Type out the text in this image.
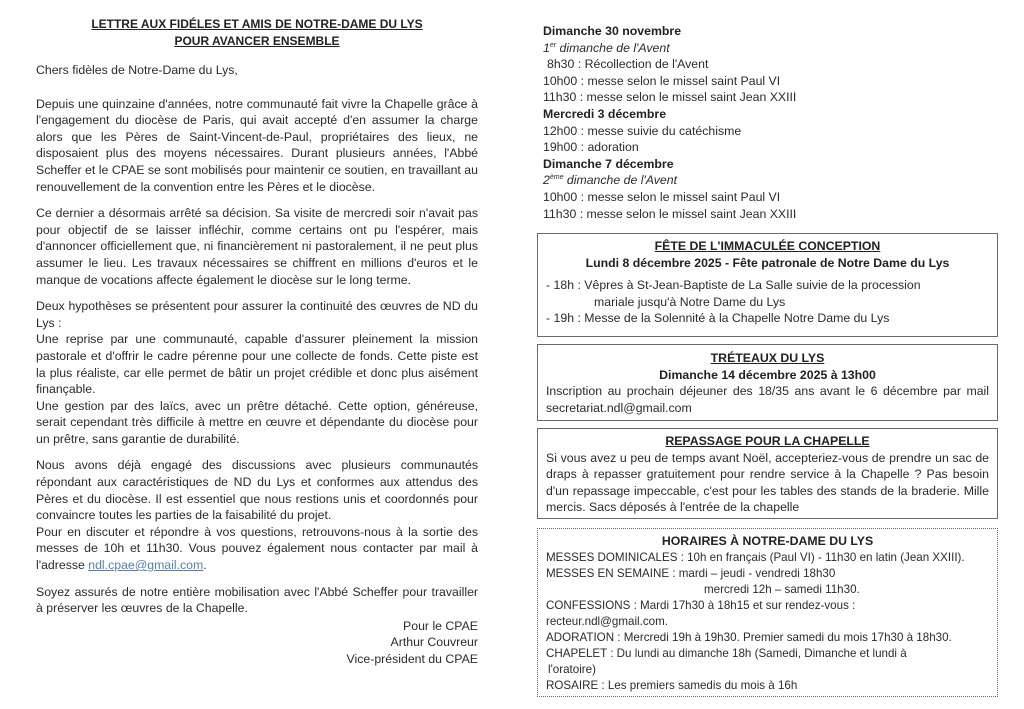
LETTRE AUX FIDÉLES ET AMIS DE NOTRE-DAME DU LYS
POUR AVANCER ENSEMBLE
Chers fidèles de Notre-Dame du Lys,
Depuis une quinzaine d'années, notre communauté fait vivre la Chapelle grâce à l'engagement du diocèse de Paris, qui avait accepté d'en assumer la charge alors que les Pères de Saint-Vincent-de-Paul, propriétaires des lieux, ne disposaient plus des moyens nécessaires. Durant plusieurs années, l'Abbé Scheffer et le CPAE se sont mobilisés pour maintenir ce soutien, en travaillant au renouvellement de la convention entre les Pères et le diocèse.
Ce dernier a désormais arrêté sa décision. Sa visite de mercredi soir n'avait pas pour objectif de se laisser infléchir, comme certains ont pu l'espérer, mais d'annoncer officiellement que, ni financièrement ni pastoralement, il ne peut plus assumer le lieu. Les travaux nécessaires se chiffrent en millions d'euros et le manque de vocations affecte également le diocèse sur le long terme.

Deux hypothèses se présentent pour assurer la continuité des œuvres de ND du Lys :

Une reprise par une communauté, capable d'assurer pleinement la mission pastorale et d'offrir le cadre pérenne pour une collecte de fonds. Cette piste est la plus réaliste, car elle permet de bâtir un projet crédible et donc plus aisément finançable.

Une gestion par des laïcs, avec un prêtre détaché. Cette option, généreuse, serait cependant très difficile à mettre en œuvre et dépendante du diocèse pour un prêtre, sans garantie de durabilité.

Nous avons déjà engagé des discussions avec plusieurs communautés répondant aux caractéristiques de ND du Lys et conformes aux attendus des Pères et du diocèse. Il est essentiel que nous restions unis et coordonnés pour convaincre toutes les parties de la faisabilité du projet.

Pour en discuter et répondre à vos questions, retrouvons-nous à la sortie des messes de 10h et 11h30. Vous pouvez également nous contacter par mail à l'adresse ndl.cpae@gmail.com.

Soyez assurés de notre entière mobilisation avec l'Abbé Scheffer pour travailler à préserver les œuvres de la Chapelle.
Pour le CPAE
Arthur Couvreur
Vice-président du CPAE
Dimanche 30 novembre
1er dimanche de l'Avent
8h30 : Récollection de l'Avent
10h00 : messe selon le missel saint Paul VI
11h30 : messe selon le missel saint Jean XXIII
Mercredi 3 décembre
12h00 : messe suivie du catéchisme
19h00 : adoration
Dimanche 7 décembre
2ème dimanche de l'Avent
10h00 : messe selon le missel saint Paul VI
11h30 : messe selon le missel saint Jean XXIII
FÊTE DE L'IMMACULÉE CONCEPTION
Lundi 8 décembre 2025 - Fête patronale de Notre Dame du Lys
- 18h : Vêpres à St-Jean-Baptiste de La Salle suivie de la procession
mariale jusqu'à Notre Dame du Lys
- 19h : Messe de la Solennité à la Chapelle Notre Dame du Lys
TRÉTEAUX DU LYS
Dimanche 14 décembre 2025 à 13h00
Inscription au prochain déjeuner des 18/35 ans avant le 6 décembre par mail secretariat.ndl@gmail.com
REPASSAGE POUR LA CHAPELLE
Si vous avez u peu de temps avant Noël, accepteriez-vous de prendre un sac de draps à repasser gratuitement pour rendre service à la Chapelle ? Pas besoin d'un repassage impeccable, c'est pour les tables des stands de la braderie. Mille mercis. Sacs déposés à l'entrée de la chapelle
HORAIRES À NOTRE-DAME DU LYS
MESSES DOMINICALES : 10h en français (Paul VI) - 11h30 en latin (Jean XXIII).
MESSES EN SEMAINE : mardi – jeudi - vendredi 18h30
mercredi 12h – samedi 11h30.
CONFESSIONS : Mardi 17h30 à 18h15 et sur rendez-vous :
recteur.ndl@gmail.com.
ADORATION : Mercredi 19h à 19h30. Premier samedi du mois 17h30 à 18h30.
CHAPELET : Du lundi au dimanche 18h (Samedi, Dimanche et lundi à
l'oratoire)
ROSAIRE : Les premiers samedis du mois à 16h
